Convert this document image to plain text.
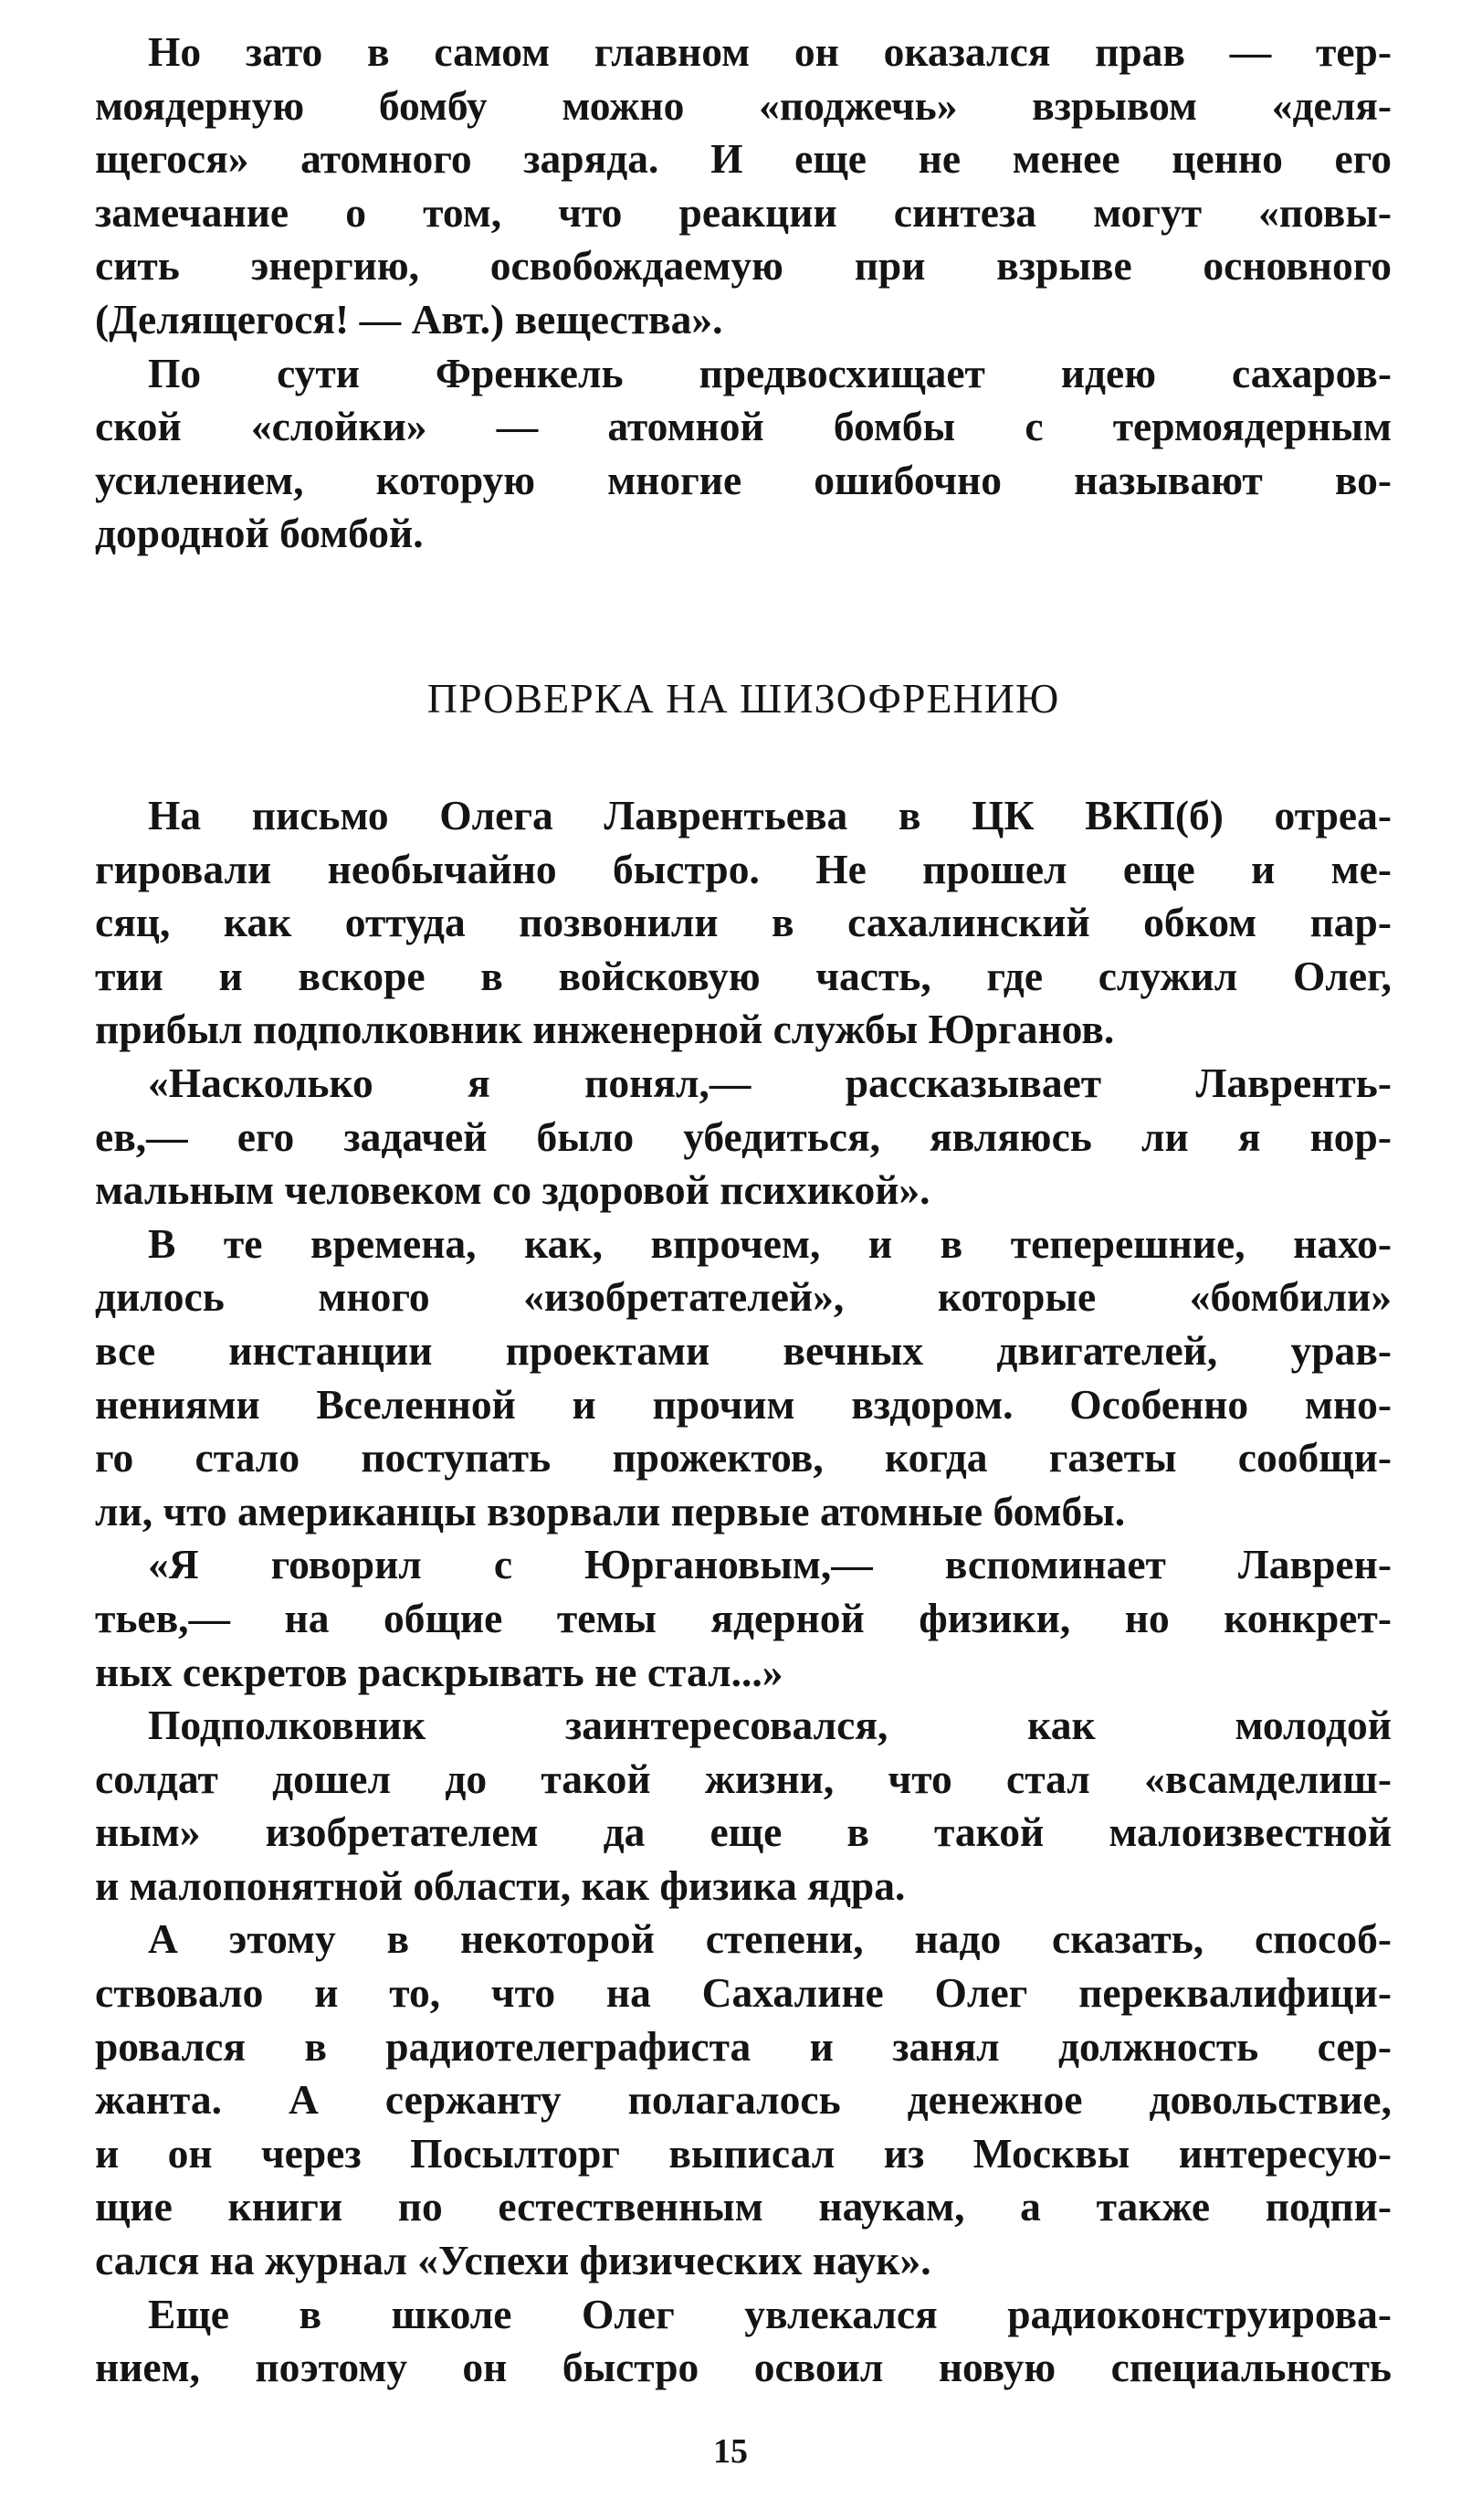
Но зато в самом главном он оказался прав — тер-
моядерную бомбу можно «поджечь» взрывом «деля-
щегося» атомного заряда. И еще не менее ценно его
замечание о том, что реакции синтеза могут «повы-
сить энергию, освобождаемую при взрыве основного
(Делящегося! — Авт.) вещества».
По сути Френкель предвосхищает идею сахаров-
ской «слойки» — атомной бомбы с термоядерным
усилением, которую многие ошибочно называют во-
дородной бомбой.
ПРОВЕРКА НА ШИЗОФРЕНИЮ
На письмо Олега Лаврентьева в ЦК ВКП(б) отреа-
гировали необычайно быстро. Не прошел еще и ме-
сяц, как оттуда позвонили в сахалинский обком пар-
тии и вскоре в войсковую часть, где служил Олег,
прибыл подполковник инженерной службы Юрганов.
«Насколько я понял,— рассказывает Лавренть-
ев,— его задачей было убедиться, являюсь ли я нор-
мальным человеком со здоровой психикой».
В те времена, как, впрочем, и в теперешние, нахо-
дилось много «изобретателей», которые «бомбили»
все инстанции проектами вечных двигателей, урав-
нениями Вселенной и прочим вздором. Особенно мно-
го стало поступать прожектов, когда газеты сообщи-
ли, что американцы взорвали первые атомные бомбы.
«Я говорил с Юргановым,— вспоминает Лаврен-
тьев,— на общие темы ядерной физики, но конкрет-
ных секретов раскрывать не стал...»
Подполковник заинтересовался, как молодой
солдат дошел до такой жизни, что стал «всамделиш-
ным» изобретателем да еще в такой малоизвестной
и малопонятной области, как физика ядра.
А этому в некоторой степени, надо сказать, способ-
ствовало и то, что на Сахалине Олег переквалифици-
ровался в радиотелеграфиста и занял должность сер-
жанта. А сержанту полагалось денежное довольствие,
и он через Посылторг выписал из Москвы интересую-
щие книги по естественным наукам, а также подпи-
сался на журнал «Успехи физических наук».
Еще в школе Олег увлекался радиоконструирова-
нием, поэтому он быстро освоил новую специальность
15
